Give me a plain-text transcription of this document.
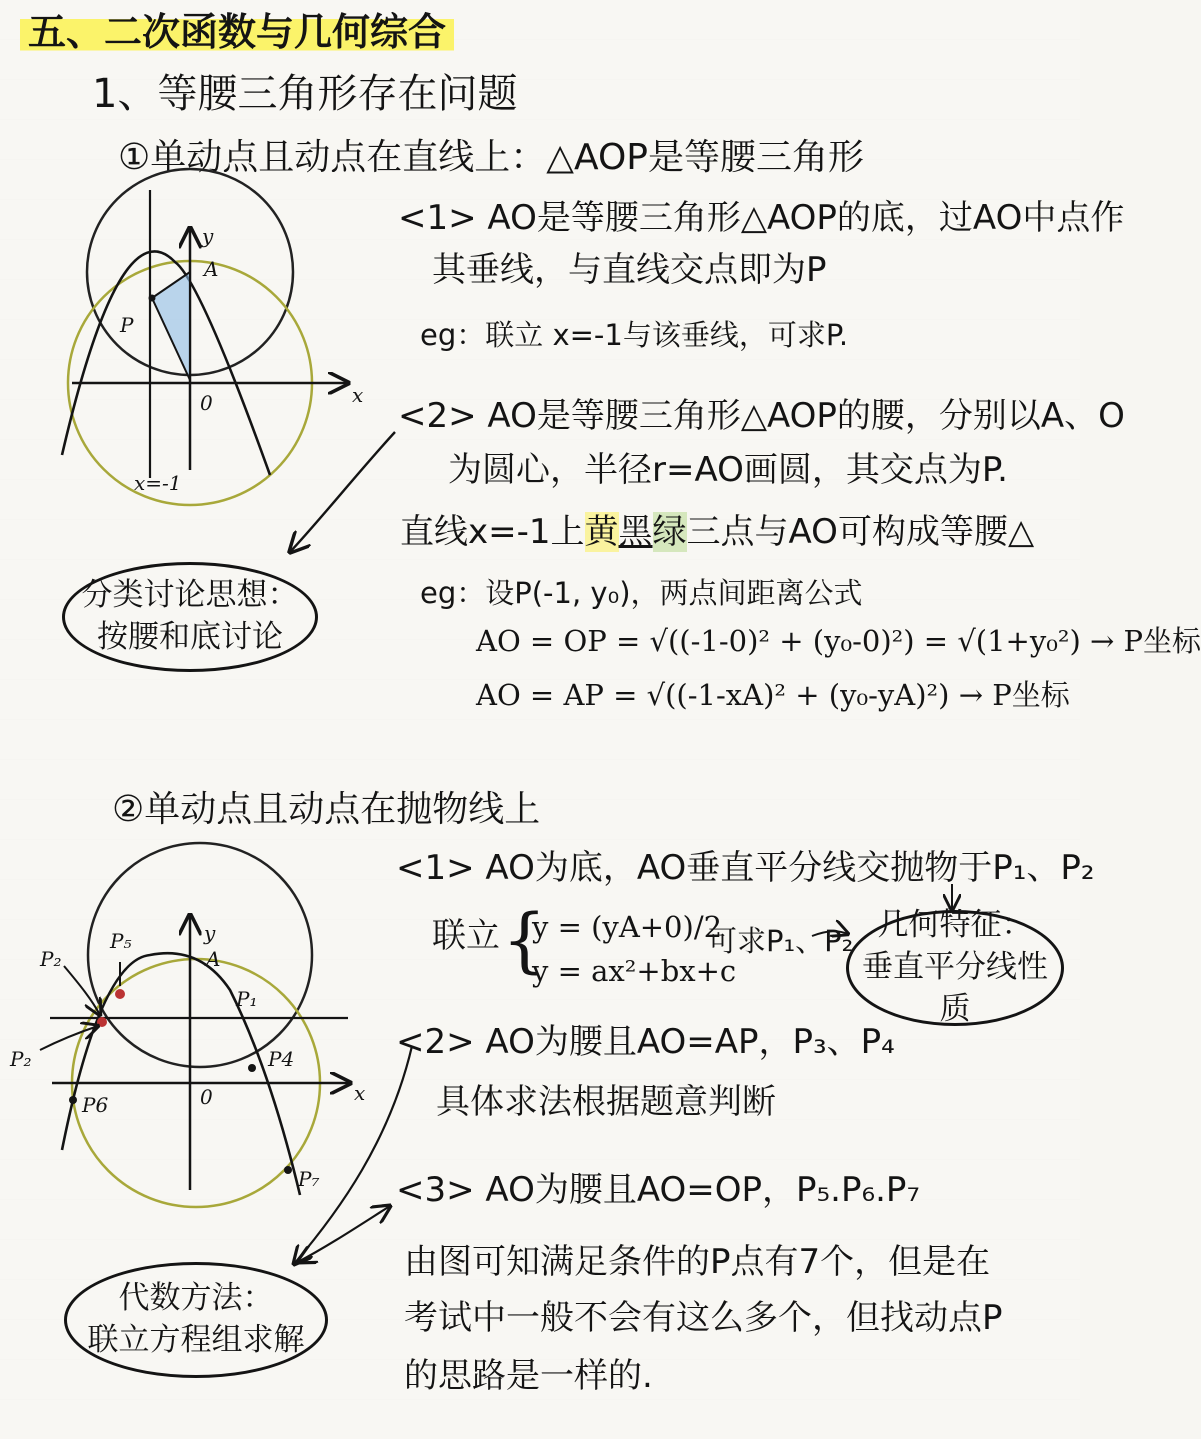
五、二次函数与几何综合
1、等腰三角形存在问题
①单动点且动点在直线上：△AOP是等腰三角形
<1> AO是等腰三角形△AOP的底，过AO中点作
其垂线，与直线交点即为P
eg：联立 x=-1与该垂线，可求P.
<2> AO是等腰三角形△AOP的腰，分别以A、O
为圆心，半径r=AO画圆，其交点为P.
直线x=-1上黄黑绿三点与AO可构成等腰△
eg：设P(-1, y₀)，两点间距离公式
AO = OP = √((-1-0)² + (y₀-0)²) = √(1+y₀²) → P坐标
AO = AP = √((-1-xA)² + (y₀-yA)²) → P坐标
分类讨论思想：
按腰和底讨论
②单动点且动点在抛物线上
<1> AO为底，AO垂直平分线交抛物于P₁、P₂
联立 {
y = (yA+0)/2
y = ax²+bx+c
可求P₁、P₂ 几何特征：
垂直平分线性质
<2> AO为腰且AO=AP，P₃、P₄
具体求法根据题意判断
<3> AO为腰且AO=OP，P₅.P₆.P₇
由图可知满足条件的P点有7个，但是在
考试中一般不会有这么多个，但找动点P
的思路是一样的.
代数方法：
联立方程组求解
y
A
P
0	x
x=-1
y
A
P₅
P₂
P₂
P₁
P4
P6
P₇
0	x
